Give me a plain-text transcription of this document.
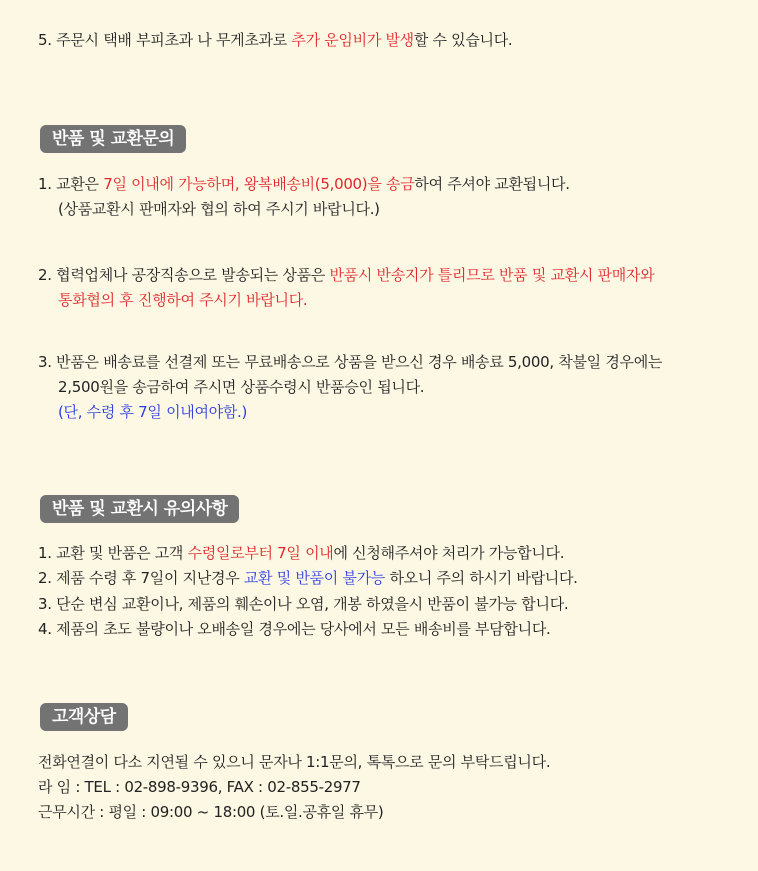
5. 주문시 택배 부피초과 나 무게초과로 추가 운임비가 발생할 수 있습니다.
반품 및 교환문의
1. 교환은 7일 이내에 가능하며, 왕복배송비(5,000)을 송금하여 주셔야 교환됩니다.
(상품교환시 판매자와 협의 하여 주시기 바랍니다.)
2. 협력업체나 공장직송으로 발송되는 상품은 반품시 반송지가 틀리므로 반품 및 교환시 판매자와
통화협의 후 진행하여 주시기 바랍니다.
3. 반품은 배송료를 선결제 또는 무료배송으로 상품을 받으신 경우 배송료 5,000, 착불일 경우에는
2,500원을 송금하여 주시면 상품수령시 반품승인 됩니다.
(단, 수령 후 7일 이내여야함.)
반품 및 교환시 유의사항
1. 교환 및 반품은 고객 수령일로부터 7일 이내에 신청해주셔야 처리가 가능합니다.
2. 제품 수령 후 7일이 지난경우 교환 및 반품이 불가능 하오니 주의 하시기 바랍니다.
3. 단순 변심 교환이나, 제품의 훼손이나 오염, 개봉 하였을시 반품이 불가능 합니다.
4. 제품의 초도 불량이나 오배송일 경우에는 당사에서 모든 배송비를 부담합니다.
고객상담
전화연결이 다소 지연될 수 있으니 문자나 1:1문의, 톡톡으로 문의 부탁드립니다.
라 임 : TEL : 02-898-9396, FAX : 02-855-2977
근무시간 : 평일 : 09:00 ~ 18:00 (토.일.공휴일 휴무)
